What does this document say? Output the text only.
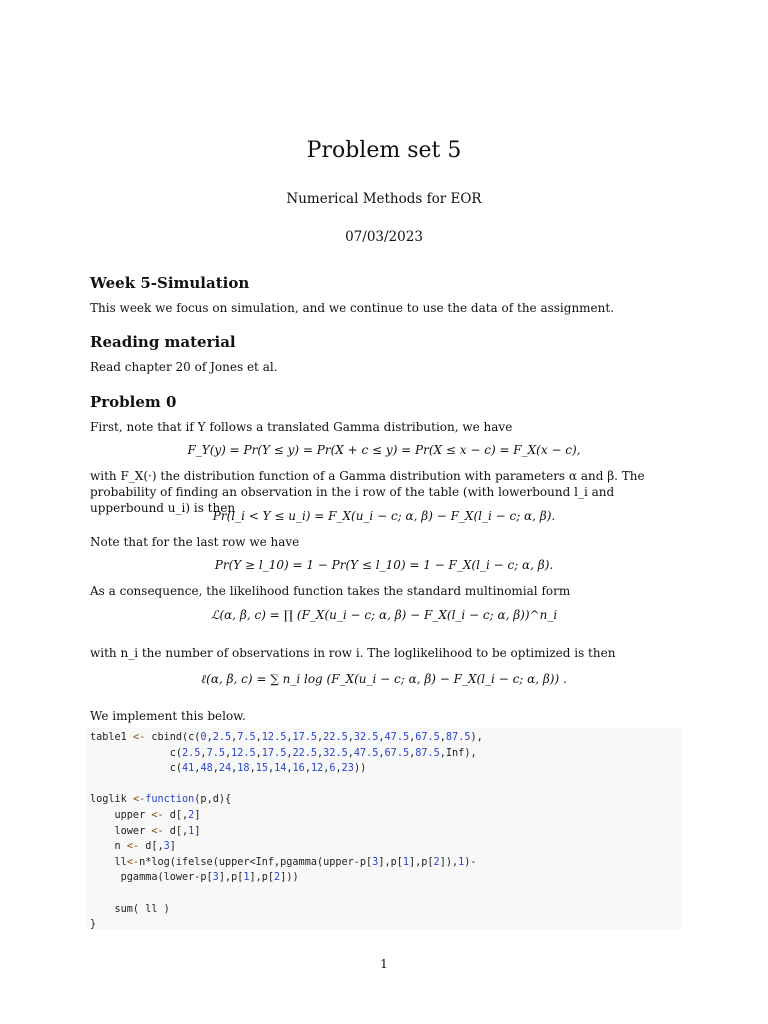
Problem set 5
Numerical Methods for EOR
07/03/2023
Week 5-Simulation
This week we focus on simulation, and we continue to use the data of the assignment.
Reading material
Read chapter 20 of Jones et al.
Problem 0
First, note that if Y follows a translated Gamma distribution, we have
F_Y(y) = Pr(Y ≤ y) = Pr(X + c ≤ y) = Pr(X ≤ x − c) = F_X(x − c),
with F_X(·) the distribution function of a Gamma distribution with parameters α and β. The probability of finding an observation in the i row of the table (with lowerbound l_i and upperbound u_i) is then
Pr(l_i < Y ≤ u_i) = F_X(u_i − c; α, β) − F_X(l_i − c; α, β).
Note that for the last row we have
Pr(Y ≥ l_10) = 1 − Pr(Y ≤ l_10) = 1 − F_X(l_i − c; α, β).
As a consequence, the likelihood function takes the standard multinomial form
ℒ(α, β, c) = ∏ (F_X(u_i − c; α, β) − F_X(l_i − c; α, β))^n_i
with n_i the number of observations in row i. The loglikelihood to be optimized is then
ℓ(α, β, c) = ∑ n_i log (F_X(u_i − c; α, β) − F_X(l_i − c; α, β)) .
We implement this below.
table1 <- cbind(c(0,2.5,7.5,12.5,17.5,22.5,32.5,47.5,67.5,87.5),
c(2.5,7.5,12.5,17.5,22.5,32.5,47.5,67.5,87.5,Inf),
c(41,48,24,18,15,14,16,12,6,23))

loglik <-function(p,d){
upper <- d[,2]
lower <- d[,1]
n <- d[,3]
ll<-n*log(ifelse(upper<Inf,pgamma(upper-p[3],p[1],p[2]),1)-
pgamma(lower-p[3],p[1],p[2]))

sum( ll )
}
1
